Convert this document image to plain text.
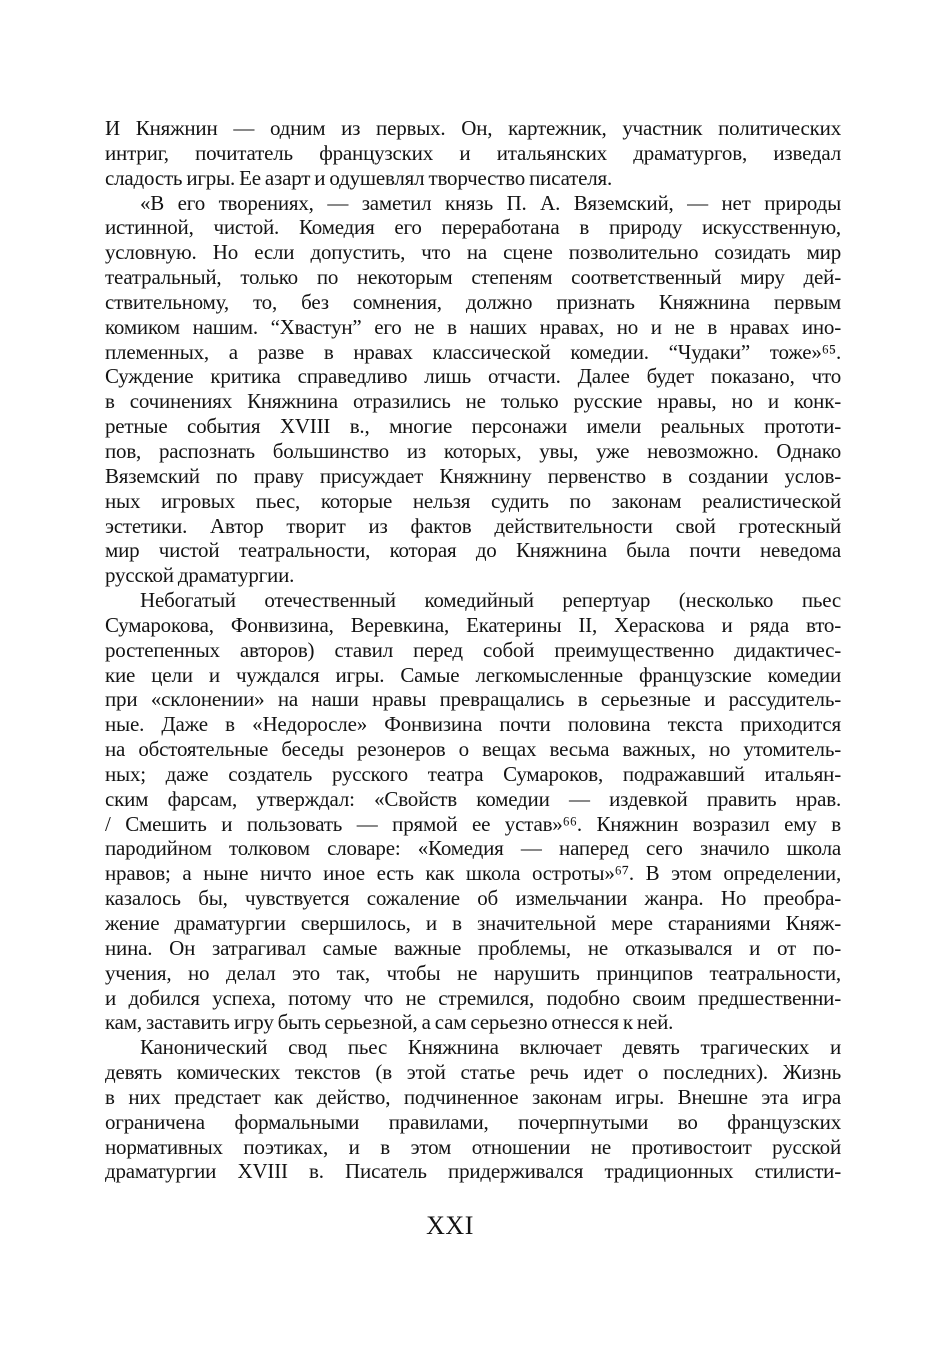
И Княжнин — одним из первых. Он, картежник, участник политических
интриг, почитатель французских и итальянских драматургов, изведал
сладость игры. Ее азарт и одушевлял творчество писателя.
«В его творениях, — заметил князь П. А. Вяземский, — нет природы
истинной, чистой. Комедия его переработана в природу искусственную,
условную. Но если допустить, что на сцене позволительно созидать мир
театральный, только по некоторым степеням соответственный миру дей-
ствительному, то, без сомнения, должно признать Княжнина первым
комиком нашим. “Хвастун” его не в наших нравах, но и не в нравах ино-
племенных, а разве в нравах классической комедии. “Чудаки” тоже»⁶⁵.
Суждение критика справедливо лишь отчасти. Далее будет показано, что
в сочинениях Княжнина отразились не только русские нравы, но и конк-
ретные события XVIII в., многие персонажи имели реальных прототи-
пов, распознать большинство из которых, увы, уже невозможно. Однако
Вяземский по праву присуждает Княжнину первенство в создании услов-
ных игровых пьес, которые нельзя судить по законам реалистической
эстетики. Автор творит из фактов действительности свой гротескный
мир чистой театральности, которая до Княжнина была почти неведома
русской драматургии.
Небогатый отечественный комедийный репертуар (несколько пьес
Сумарокова, Фонвизина, Веревкина, Екатерины II, Хераскова и ряда вто-
ростепенных авторов) ставил перед собой преимущественно дидактичес-
кие цели и чуждался игры. Самые легкомысленные французские комедии
при «склонении» на наши нравы превращались в серьезные и рассудитель-
ные. Даже в «Недоросле» Фонвизина почти половина текста приходится
на обстоятельные беседы резонеров о вещах весьма важных, но утомитель-
ных; даже создатель русского театра Сумароков, подражавший итальян-
ским фарсам, утверждал: «Свойств комедии — издевкой править нрав.
/ Смешить и пользовать — прямой ее устав»⁶⁶. Княжнин возразил ему в
пародийном толковом словаре: «Комедия — наперед сего значило школа
нравов; а ныне ничто иное есть как школа остроты»⁶⁷. В этом определении,
казалось бы, чувствуется сожаление об измельчании жанра. Но преобра-
жение драматургии свершилось, и в значительной мере стараниями Княж-
нина. Он затрагивал самые важные проблемы, не отказывался и от по-
учения, но делал это так, чтобы не нарушить принципов театральности,
и добился успеха, потому что не стремился, подобно своим предшественни-
кам, заставить игру быть серьезной, а сам серьезно отнесся к ней.
Канонический свод пьес Княжнина включает девять трагических и
девять комических текстов (в этой статье речь идет о последних). Жизнь
в них предстает как действо, подчиненное законам игры. Внешне эта игра
ограничена формальными правилами, почерпнутыми во французских
нормативных поэтиках, и в этом отношении не противостоит русской
драматургии XVIII в. Писатель придерживался традиционных стилисти-
XXI
